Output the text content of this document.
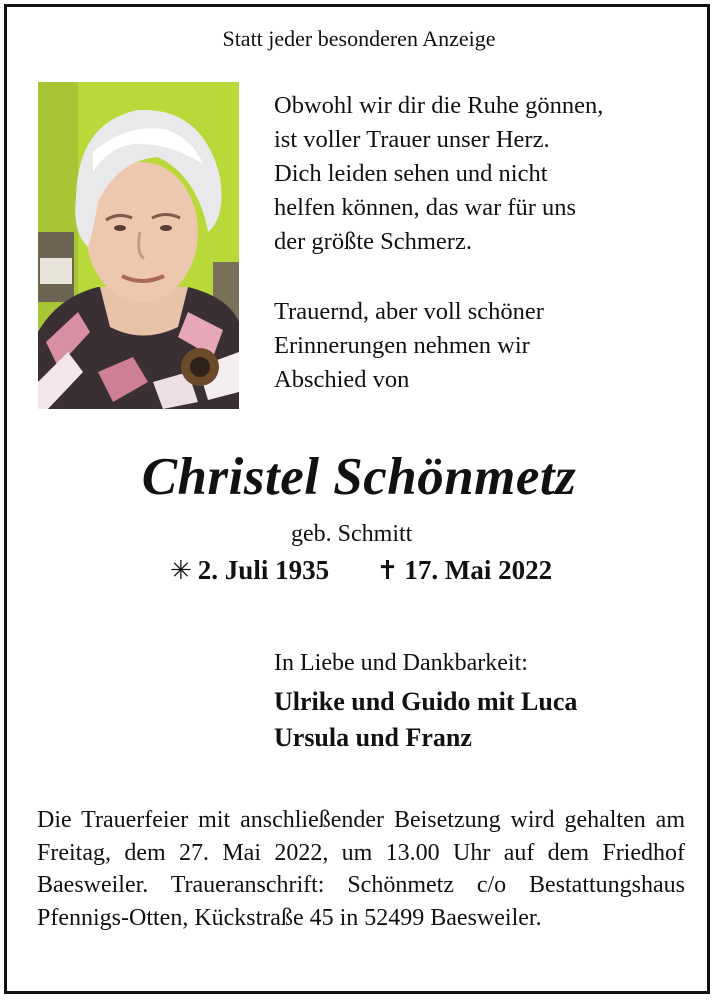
Statt jeder besonderen Anzeige
Obwohl wir dir die Ruhe gönnen,
ist voller Trauer unser Herz.
Dich leiden sehen und nicht
helfen können, das war für uns
der größte Schmerz.
Trauernd, aber voll schöner
Erinnerungen nehmen wir
Abschied von
Christel Schönmetz
geb. Schmitt
✳ 2. Juli 1935 ✝ 17. Mai 2022
In Liebe und Dankbarkeit:
Ulrike und Guido mit Luca
Ursula und Franz
Die Trauerfeier mit anschließender Beisetzung wird gehalten am Freitag, dem 27. Mai 2022, um 13.00 Uhr auf dem Friedhof Baesweiler. Traueranschrift: Schönmetz c/o Bestattungshaus Pfennigs-Otten, Kückstraße 45 in 52499 Baesweiler.
